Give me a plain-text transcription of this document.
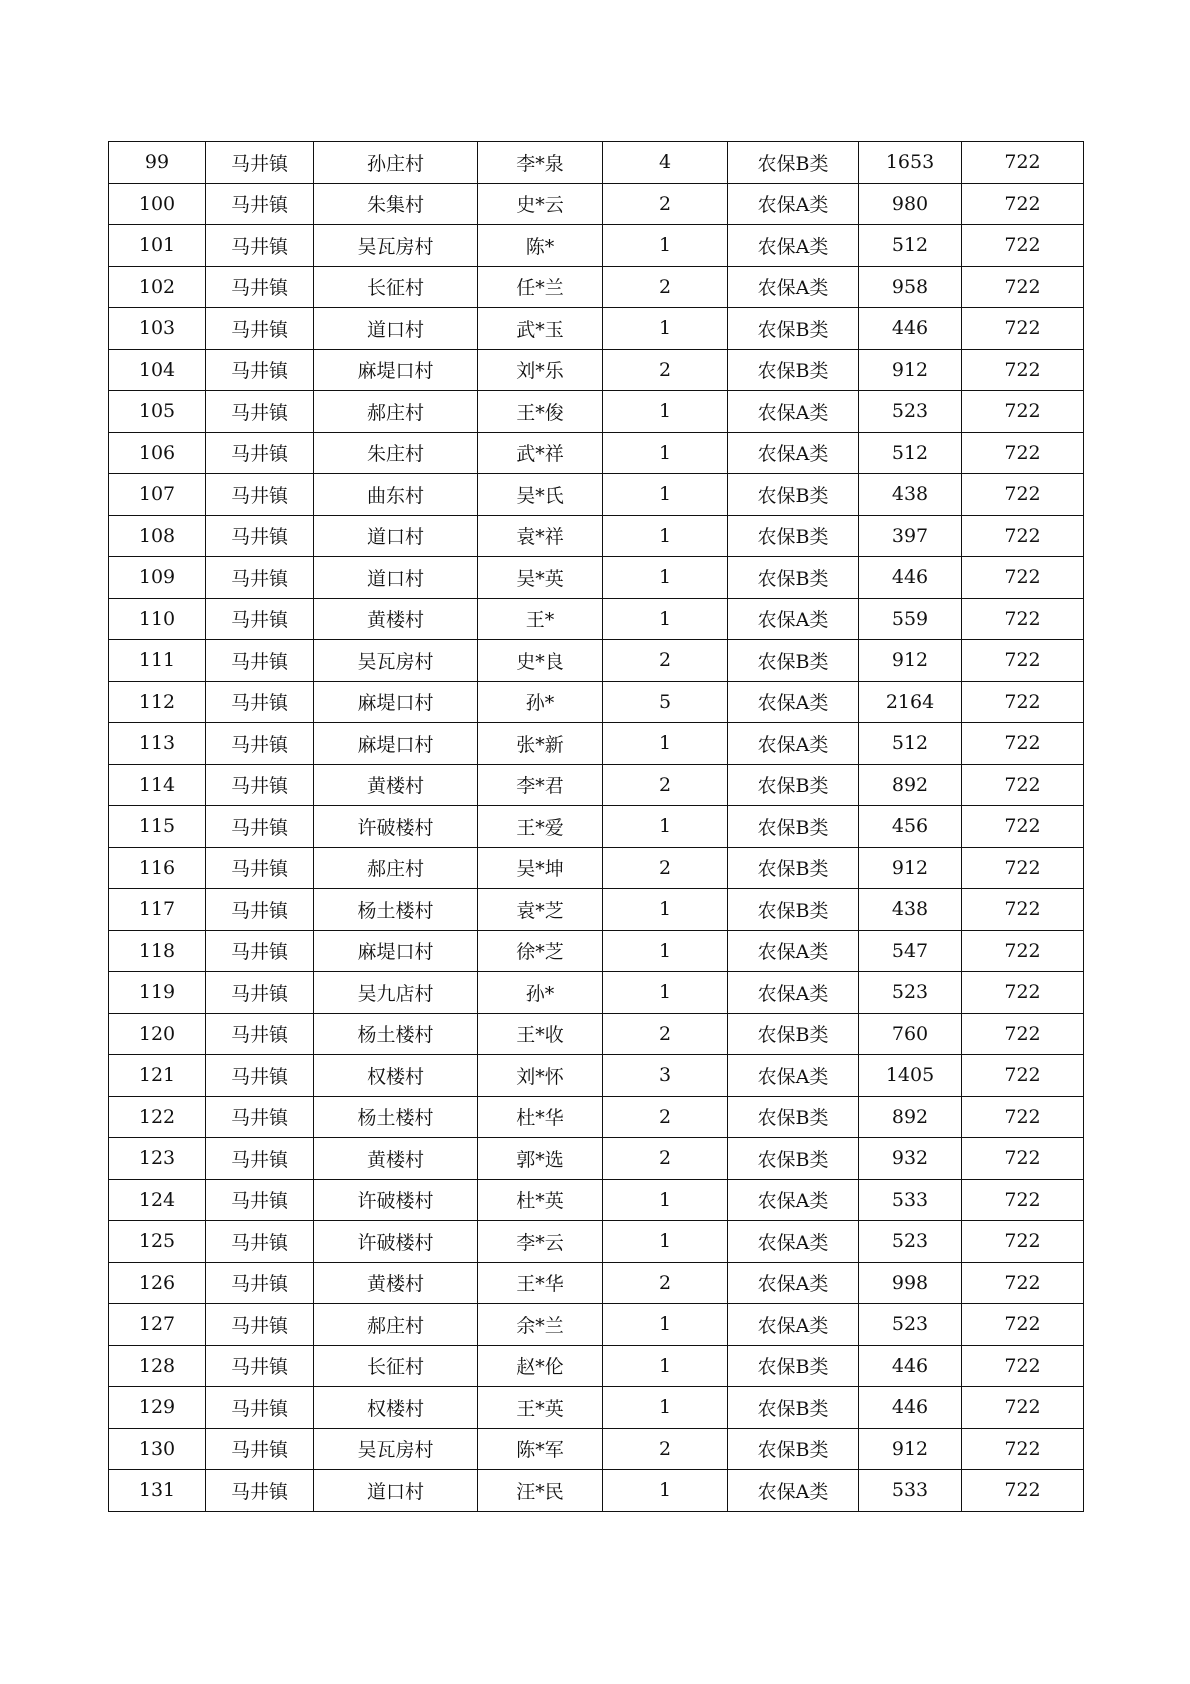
99	马井镇	孙庄村	李*泉	4	农保B类	1653	722
100	马井镇	朱集村	史*云	2	农保A类	980	722
101	马井镇	吴瓦房村	陈*	1	农保A类	512	722
102	马井镇	长征村	任*兰	2	农保A类	958	722
103	马井镇	道口村	武*玉	1	农保B类	446	722
104	马井镇	麻堤口村	刘*乐	2	农保B类	912	722
105	马井镇	郝庄村	王*俊	1	农保A类	523	722
106	马井镇	朱庄村	武*祥	1	农保A类	512	722
107	马井镇	曲东村	吴*氏	1	农保B类	438	722
108	马井镇	道口村	袁*祥	1	农保B类	397	722
109	马井镇	道口村	吴*英	1	农保B类	446	722
110	马井镇	黄楼村	王*	1	农保A类	559	722
111	马井镇	吴瓦房村	史*良	2	农保B类	912	722
112	马井镇	麻堤口村	孙*	5	农保A类	2164	722
113	马井镇	麻堤口村	张*新	1	农保A类	512	722
114	马井镇	黄楼村	李*君	2	农保B类	892	722
115	马井镇	许破楼村	王*爱	1	农保B类	456	722
116	马井镇	郝庄村	吴*坤	2	农保B类	912	722
117	马井镇	杨土楼村	袁*芝	1	农保B类	438	722
118	马井镇	麻堤口村	徐*芝	1	农保A类	547	722
119	马井镇	吴九店村	孙*	1	农保A类	523	722
120	马井镇	杨土楼村	王*收	2	农保B类	760	722
121	马井镇	权楼村	刘*怀	3	农保A类	1405	722
122	马井镇	杨土楼村	杜*华	2	农保B类	892	722
123	马井镇	黄楼村	郭*选	2	农保B类	932	722
124	马井镇	许破楼村	杜*英	1	农保A类	533	722
125	马井镇	许破楼村	李*云	1	农保A类	523	722
126	马井镇	黄楼村	王*华	2	农保A类	998	722
127	马井镇	郝庄村	余*兰	1	农保A类	523	722
128	马井镇	长征村	赵*伦	1	农保B类	446	722
129	马井镇	权楼村	王*英	1	农保B类	446	722
130	马井镇	吴瓦房村	陈*军	2	农保B类	912	722
131	马井镇	道口村	汪*民	1	农保A类	533	722
